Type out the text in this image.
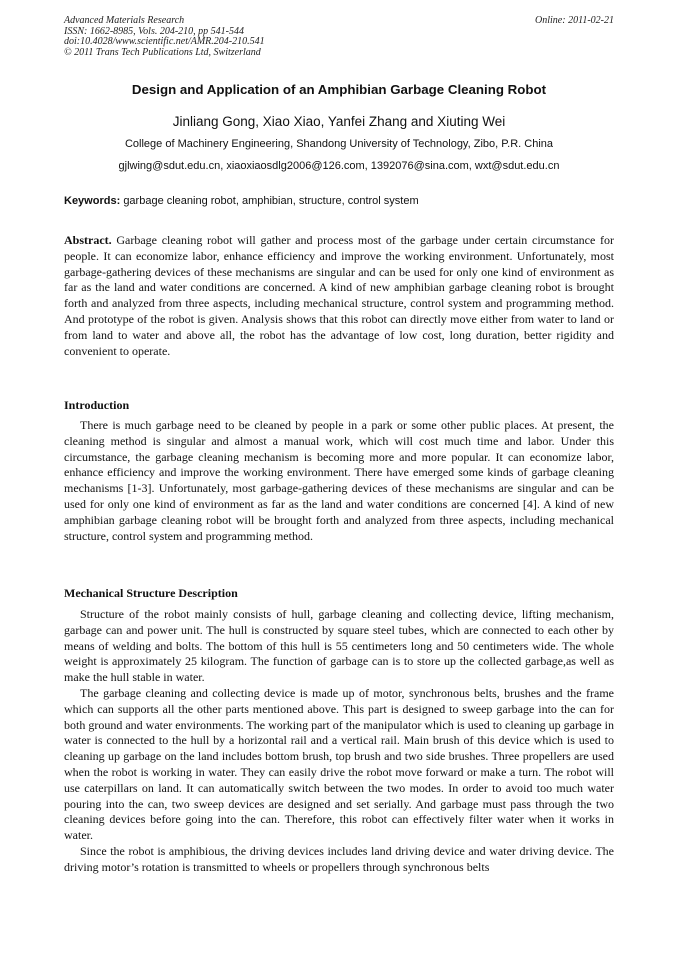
Advanced Materials Research
ISSN: 1662-8985, Vols. 204-210, pp 541-544
doi:10.4028/www.scientific.net/AMR.204-210.541
© 2011 Trans Tech Publications Ltd, Switzerland
Online: 2011-02-21
Design and Application of an Amphibian Garbage Cleaning Robot
Jinliang Gong, Xiao Xiao, Yanfei Zhang and Xiuting Wei
College of Machinery Engineering, Shandong University of Technology, Zibo, P.R. China
gjlwing@sdut.edu.cn, xiaoxiaosdlg2006@126.com, 1392076@sina.com, wxt@sdut.edu.cn
Keywords: garbage cleaning robot, amphibian, structure, control system
Abstract. Garbage cleaning robot will gather and process most of the garbage under certain circumstance for people. It can economize labor, enhance efficiency and improve the working environment. Unfortunately, most garbage-gathering devices of these mechanisms are singular and can be used for only one kind of environment as far as the land and water conditions are concerned. A kind of new amphibian garbage cleaning robot is brought forth and analyzed from three aspects, including mechanical structure, control system and programming method. And prototype of the robot is given. Analysis shows that this robot can directly move either from water to land or from land to water and above all, the robot has the advantage of low cost, long duration, better rigidity and convenient to operate.
Introduction

There is much garbage need to be cleaned by people in a park or some other public places. At present, the cleaning method is singular and almost a manual work, which will cost much time and labor. Under this circumstance, the garbage cleaning mechanism is becoming more and more popular. It can economize labor, enhance efficiency and improve the working environment. There have emerged some kinds of garbage cleaning mechanisms [1-3]. Unfortunately, most garbage-gathering devices of these mechanisms are singular and can be used for only one kind of environment as far as the land and water conditions are concerned [4]. A kind of new amphibian garbage cleaning robot will be brought forth and analyzed from three aspects, including mechanical structure, control system and programming method.

Mechanical Structure Description

Structure of the robot mainly consists of hull, garbage cleaning and collecting device, lifting mechanism, garbage can and power unit. The hull is constructed by square steel tubes, which are connected to each other by means of welding and bolts. The bottom of this hull is 55 centimeters long and 50 centimeters wide. The whole weight is approximately 25 kilogram. The function of garbage can is to store up the collected garbage,as well as make the hull stable in water.

The garbage cleaning and collecting device is made up of motor, synchronous belts, brushes and the frame which can supports all the other parts mentioned above. This part is designed to sweep garbage into the can for both ground and water environments. The working part of the manipulator which is used to cleaning up garbage in water is connected to the hull by a horizontal rail and a vertical rail. Main brush of this device which is used to cleaning up garbage on the land includes bottom brush, top brush and two side brushes. Three propellers are used when the robot is working in water. They can easily drive the robot move forward or make a turn. The robot will use caterpillars on land. It can automatically switch between the two modes. In order to avoid too much water pouring into the can, two sweep devices are designed and set serially. And garbage must pass through the two cleaning devices before going into the can. Therefore, this robot can effectively filter water when it works in water.

Since the robot is amphibious, the driving devices includes land driving device and water driving device. The driving motor’s rotation is transmitted to wheels or propellers through synchronous belts
